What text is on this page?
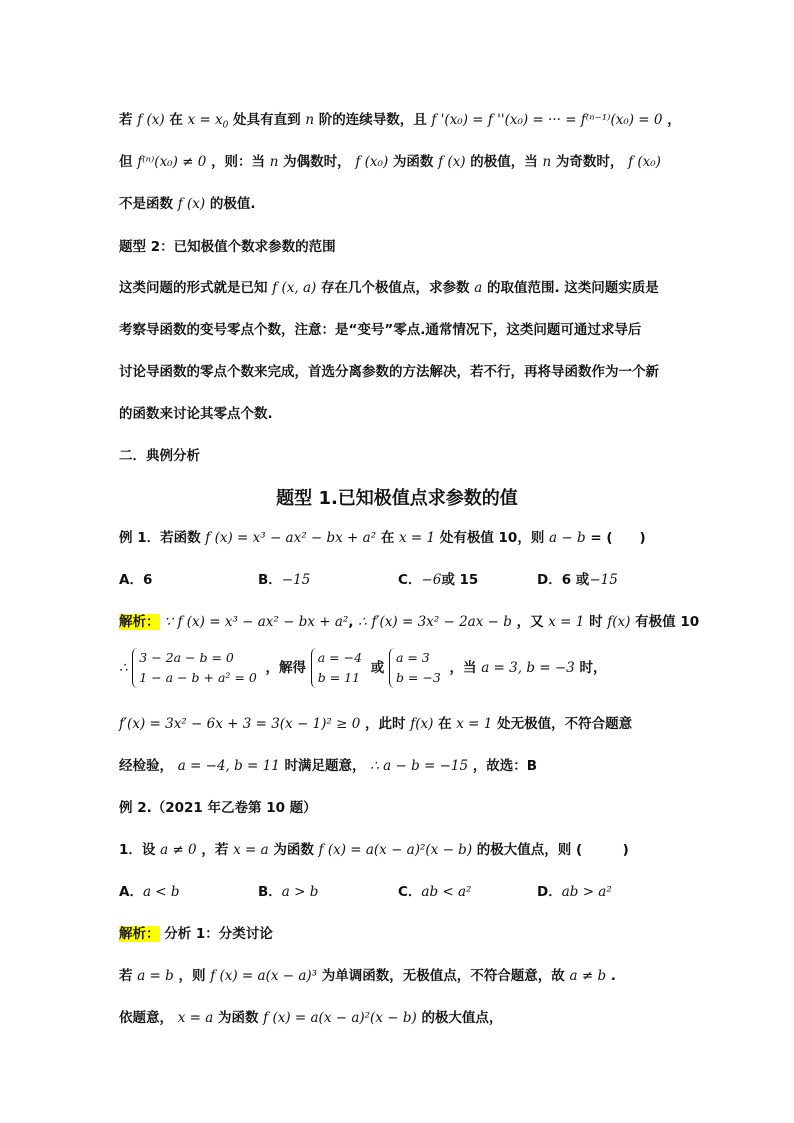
若 f (x) 在 $x = x_0$ 处具有直到 n 阶的连续导数，且 f '(x₀) = f ''(x₀) = ··· = f⁽ⁿ⁻¹⁾(x₀) = 0 ，
但 f⁽ⁿ⁾(x₀) ≠ 0 ，则：当 n 为偶数时， f (x₀) 为函数 f (x) 的极值，当 n 为奇数时， f (x₀)
不是函数 f (x) 的极值.
题型 2：已知极值个数求参数的范围
这类问题的形式就是已知 f (x, a) 存在几个极值点，求参数 a 的取值范围. 这类问题实质是
考察导函数的变号零点个数，注意：是“变号”零点.通常情况下，这类问题可通过求导后
讨论导函数的零点个数来完成，首选分离参数的方法解决，若不行，再将导函数作为一个新
的函数来讨论其零点个数.
二．典例分析
题型 1.已知极值点求参数的值
例 1．若函数 f (x) = x³ − ax² − bx + a² 在 x = 1 处有极值 10，则 a − b = (　　)
A．6	B．−15	C．−6或 15	D．6 或−15
解析： ∵ f (x) = x³ − ax² − bx + a², ∴ f′(x) = 3x² − 2ax − b ，又 x = 1 时 f(x) 有极值 10
∴ 3 − 2a − b = 0
1 − a − b + a² = 0 ，解得 a = −4
b = 11 或 a = 3
b = −3 ，当 a = 3, b = −3 时，
f′(x) = 3x² − 6x + 3 = 3(x − 1)² ≥ 0 ，此时 f(x) 在 x = 1 处无极值，不符合题意
经检验， a = −4, b = 11 时满足题意， ∴ a − b = −15 ，故选：B
例 2.（2021 年乙卷第 10 题）
1．设 a ≠ 0 ，若 x = a 为函数 f (x) = a(x − a)²(x − b) 的极大值点，则 (　　　)
A．a < b	B．a > b	C．ab < a²	D．ab > a²
解析： 分析 1：分类讨论
若 a = b ，则 f (x) = a(x − a)³ 为单调函数，无极值点，不符合题意，故 a ≠ b .
依题意， x = a 为函数 f (x) = a(x − a)²(x − b) 的极大值点，
